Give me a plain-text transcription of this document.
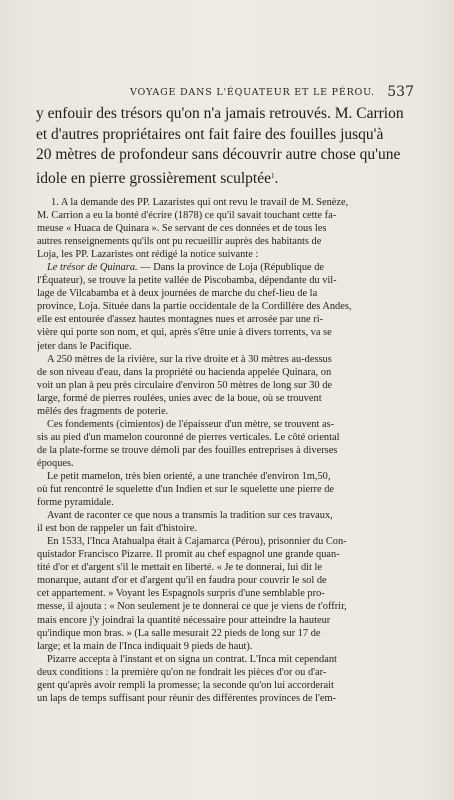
VOYAGE DANS L'ÉQUATEUR ET LE PÉROU. 537
y enfouir des trésors qu'on n'a jamais retrouvés. M. Carrion
et d'autres propriétaires ont fait faire des fouilles jusqu'à
20 mètres de profondeur sans découvrir autre chose qu'une
idole en pierre grossièrement sculptée$^1$.
1. A la demande des PP. Lazaristes qui ont revu le travail de M. Senèze,
M. Carrion a eu la bonté d'écrire (1878) ce qu'il savait touchant cette fa-
meuse « Huaca de Quinara ». Se servant de ces données et de tous les
autres renseignements qu'ils ont pu recueillir auprès des habitants de
Loja, les PP. Lazaristes ont rédigé la notice suivante :
Le trésor de Quinara. — Dans la province de Loja (République de
l'Équateur), se trouve la petite vallée de Piscobamba, dépendante du vil-
lage de Vilcabamba et à deux journées de marche du chef-lieu de la
province, Loja. Située dans la partie occidentale de la Cordillère des Andes,
elle est entourée d'assez hautes montagnes nues et arrosée par une ri-
vière qui porte son nom, et qui, après s'être unie à divers torrents, va se
jeter dans le Pacifique.
A 250 mètres de la rivière, sur la rive droite et à 30 mètres au-dessus
de son niveau d'eau, dans la propriété ou hacienda appelée Quinara, on
voit un plan à peu près circulaire d'environ 50 mètres de long sur 30 de
large, formé de pierres roulées, unies avec de la boue, où se trouvent
mêlés des fragments de poterie.
Ces fondements (cimientos) de l'épaisseur d'un mètre, se trouvent as-
sis au pied d'un mamelon couronné de pierres verticales. Le côté oriental
de la plate-forme se trouve démoli par des fouilles entreprises à diverses
époques.
Le petit mamelon, très bien orienté, a une tranchée d'environ 1m,50,
où fut rencontré le squelette d'un Indien et sur le squelette une pierre de
forme pyramidale.
Avant de raconter ce que nous a transmis la tradition sur ces travaux,
il est bon de rappeler un fait d'histoire.
En 1533, l'Inca Atahualpa était à Cajamarca (Pérou), prisonnier du Con-
quistador Francisco Pizarre. Il promit au chef espagnol une grande quan-
tité d'or et d'argent s'il le mettait en liberté. « Je te donnerai, lui dit le
monarque, autant d'or et d'argent qu'il en faudra pour couvrir le sol de
cet appartement. » Voyant les Espagnols surpris d'une semblable pro-
messe, il ajouta : « Non seulement je te donnerai ce que je viens de t'offrir,
mais encore j'y joindrai la quantité nécessaire pour atteindre la hauteur
qu'indique mon bras. » (La salle mesurait 22 pieds de long sur 17 de
large; et la main de l'Inca indiquait 9 pieds de haut).
Pizarre accepta à l'instant et on signa un contrat. L'Inca mit cependant
deux conditions : la première qu'on ne fondrait les pièces d'or ou d'ar-
gent qu'après avoir rempli la promesse; la seconde qu'on lui accorderait
un laps de temps suffisant pour réunir des différentes provinces de l'em-
